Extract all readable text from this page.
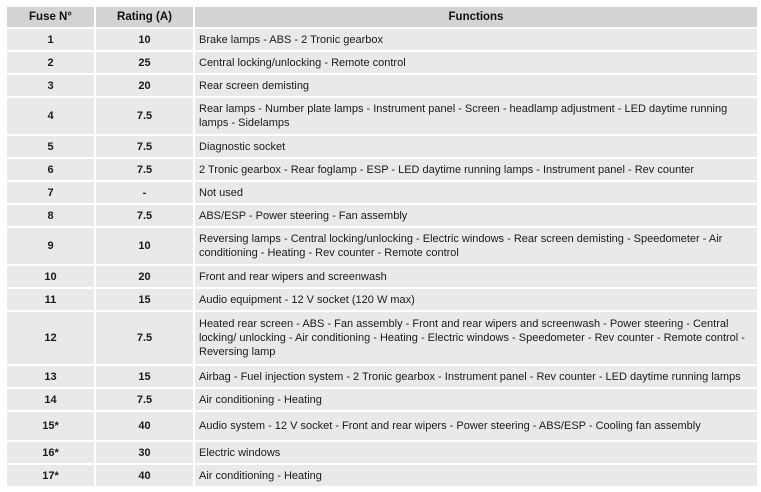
Fuse N°	Rating (A)	Functions
1	10	Brake lamps - ABS - 2 Tronic gearbox
2	25	Central locking/unlocking - Remote control
3	20	Rear screen demisting
4	7.5	Rear lamps - Number plate lamps - Instrument panel - Screen - headlamp adjustment - LED daytime running lamps - Sidelamps
5	7.5	Diagnostic socket
6	7.5	2 Tronic gearbox - Rear foglamp - ESP - LED daytime running lamps - Instrument panel - Rev counter
7	-	Not used
8	7.5	ABS/ESP - Power steering - Fan assembly
9	10	Reversing lamps - Central locking/unlocking - Electric windows - Rear screen demisting - Speedometer - Air conditioning - Heating - Rev counter - Remote control
10	20	Front and rear wipers and screenwash
11	15	Audio equipment - 12 V socket (120 W max)
12	7.5	Heated rear screen - ABS - Fan assembly - Front and rear wipers and screenwash - Power steering - Central locking/ unlocking - Air conditioning - Heating - Electric windows - Speedometer - Rev counter - Remote control - Reversing lamp
13	15	Airbag - Fuel injection system - 2 Tronic gearbox - Instrument panel - Rev counter - LED daytime running lamps
14	7.5	Air conditioning - Heating
15*	40	Audio system - 12 V socket - Front and rear wipers - Power steering - ABS/ESP - Cooling fan assembly
16*	30	Electric windows
17*	40	Air conditioning - Heating
